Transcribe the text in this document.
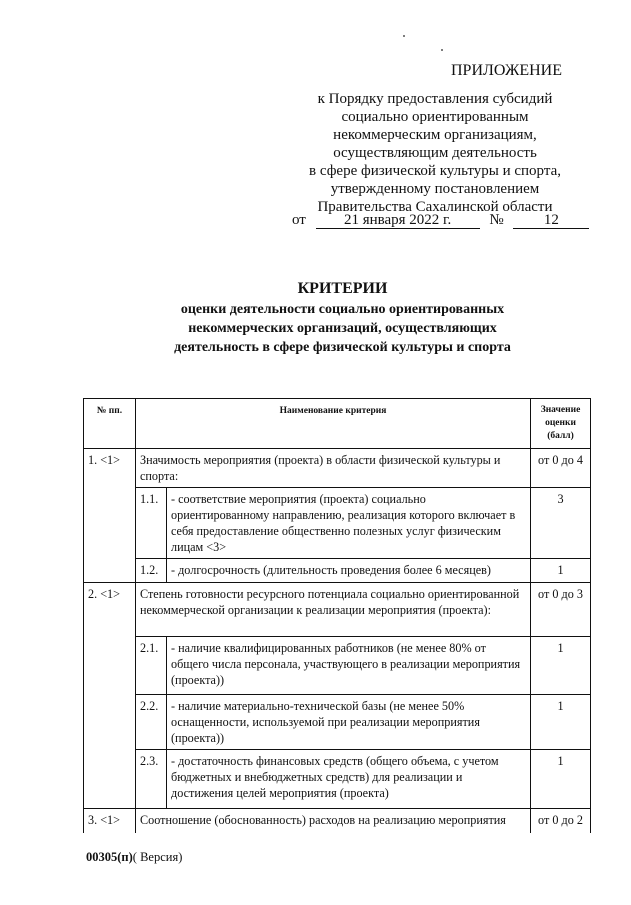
ПРИЛОЖЕНИЕ
к Порядку предоставления субсидий
социально ориентированным
некоммерческим организациям,
осуществляющим деятельность
в сфере физической культуры и спорта,
утвержденному постановлением
Правительства Сахалинской области
от	21 января 2022 г.	№	12
КРИТЕРИИ
оценки деятельности социально ориентированных
некоммерческих организаций, осуществляющих
деятельность в сфере физической культуры и спорта
№ пп.	Наименование критерия		Значение оценки (балл)
1. <1>	Значимость мероприятия (проекта) в области физической культуры и спорта:		от 0 до 4
	1.1.	- соответствие мероприятия (проекта) социально ориентированному направлению, реализация которого включает в себя предоставление общественно полезных услуг физическим лицам <3>	3
	1.2.	- долгосрочность (длительность проведения более 6 месяцев)	1
2. <1>	Степень готовности ресурсного потенциала социально ориентированной некоммерческой организации к реализации мероприятия (проекта):		от 0 до 3
	2.1.	- наличие квалифицированных работников (не менее 80% от общего числа персонала, участвующего в реализации мероприятия (проекта))	1
	2.2.	- наличие материально-технической базы (не менее 50% оснащенности, используемой при реализации мероприятия (проекта))	1
	2.3.	- достаточность финансовых средств (общего объема, с учетом бюджетных и внебюджетных средств) для реализации и достижения целей мероприятия (проекта)	1
3. <1>	Соотношение (обоснованность) расходов на реализацию мероприятия		от 0 до 2
00305(п)( Версия)
